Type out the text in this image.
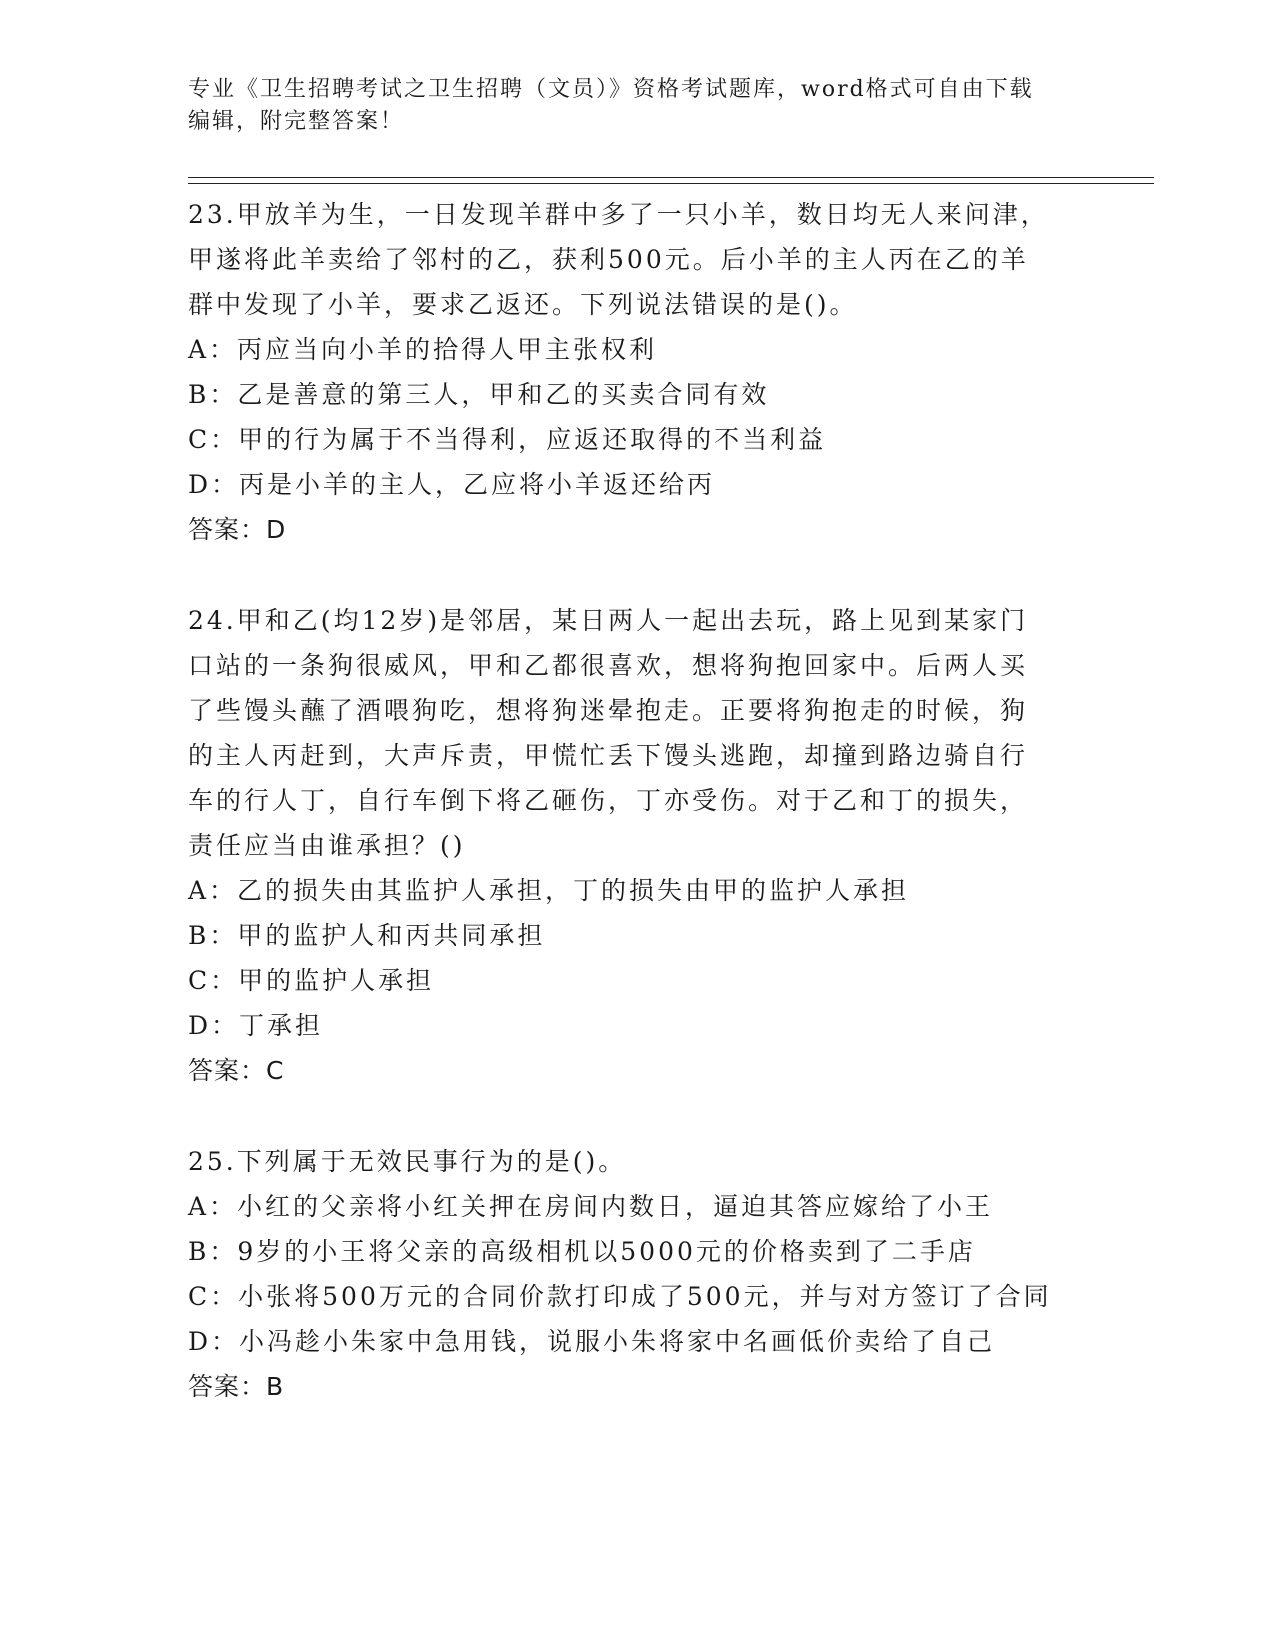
专业《卫生招聘考试之卫生招聘（文员）》资格考试题库，word格式可自由下载
编辑，附完整答案！
23.甲放羊为生，一日发现羊群中多了一只小羊，数日均无人来问津，
甲遂将此羊卖给了邻村的乙，获利500元。后小羊的主人丙在乙的羊
群中发现了小羊，要求乙返还。下列说法错误的是()。
A：丙应当向小羊的拾得人甲主张权利
B：乙是善意的第三人，甲和乙的买卖合同有效
C：甲的行为属于不当得利，应返还取得的不当利益
D：丙是小羊的主人，乙应将小羊返还给丙
答案：D
24.甲和乙(均12岁)是邻居，某日两人一起出去玩，路上见到某家门
口站的一条狗很威风，甲和乙都很喜欢，想将狗抱回家中。后两人买
了些馒头蘸了酒喂狗吃，想将狗迷晕抱走。正要将狗抱走的时候，狗
的主人丙赶到，大声斥责，甲慌忙丢下馒头逃跑，却撞到路边骑自行
车的行人丁，自行车倒下将乙砸伤，丁亦受伤。对于乙和丁的损失，
责任应当由谁承担？()
A：乙的损失由其监护人承担，丁的损失由甲的监护人承担
B：甲的监护人和丙共同承担
C：甲的监护人承担
D：丁承担
答案：C
25.下列属于无效民事行为的是()。
A：小红的父亲将小红关押在房间内数日，逼迫其答应嫁给了小王
B：9岁的小王将父亲的高级相机以5000元的价格卖到了二手店
C：小张将500万元的合同价款打印成了500元，并与对方签订了合同
D：小冯趁小朱家中急用钱，说服小朱将家中名画低价卖给了自己
答案：B
